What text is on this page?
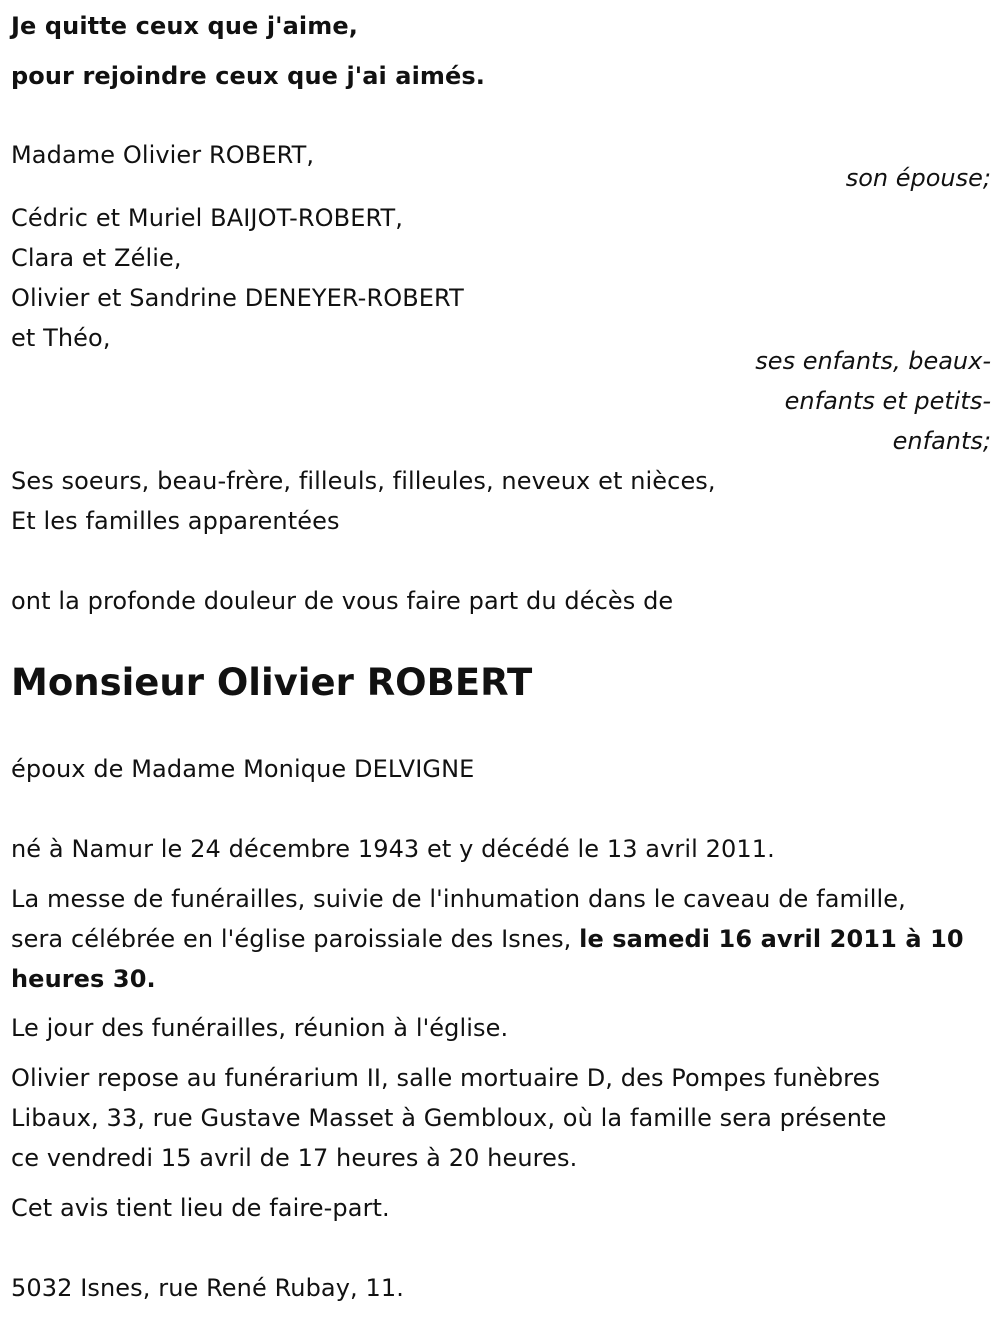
Je quitte ceux que j'aime,
pour rejoindre ceux que j'ai aimés.
Madame Olivier ROBERT,
son épouse;
Cédric et Muriel BAIJOT-ROBERT,
Clara et Zélie,
Olivier et Sandrine DENEYER-ROBERT
et Théo,
ses enfants, beaux-
enfants et petits-
enfants;
Ses soeurs, beau-frère, filleuls, filleules, neveux et nièces,
Et les familles apparentées
ont la profonde douleur de vous faire part du décès de
Monsieur Olivier ROBERT
époux de Madame Monique DELVIGNE
né à Namur le 24 décembre 1943 et y décédé le 13 avril 2011.
La messe de funérailles, suivie de l'inhumation dans le caveau de famille,
sera célébrée en l'église paroissiale des Isnes, le samedi 16 avril 2011 à 10
heures 30.
Le jour des funérailles, réunion à l'église.
Olivier repose au funérarium II, salle mortuaire D, des Pompes funèbres
Libaux, 33, rue Gustave Masset à Gembloux, où la famille sera présente
ce vendredi 15 avril de 17 heures à 20 heures.
Cet avis tient lieu de faire-part.
5032 Isnes, rue René Rubay, 11.
